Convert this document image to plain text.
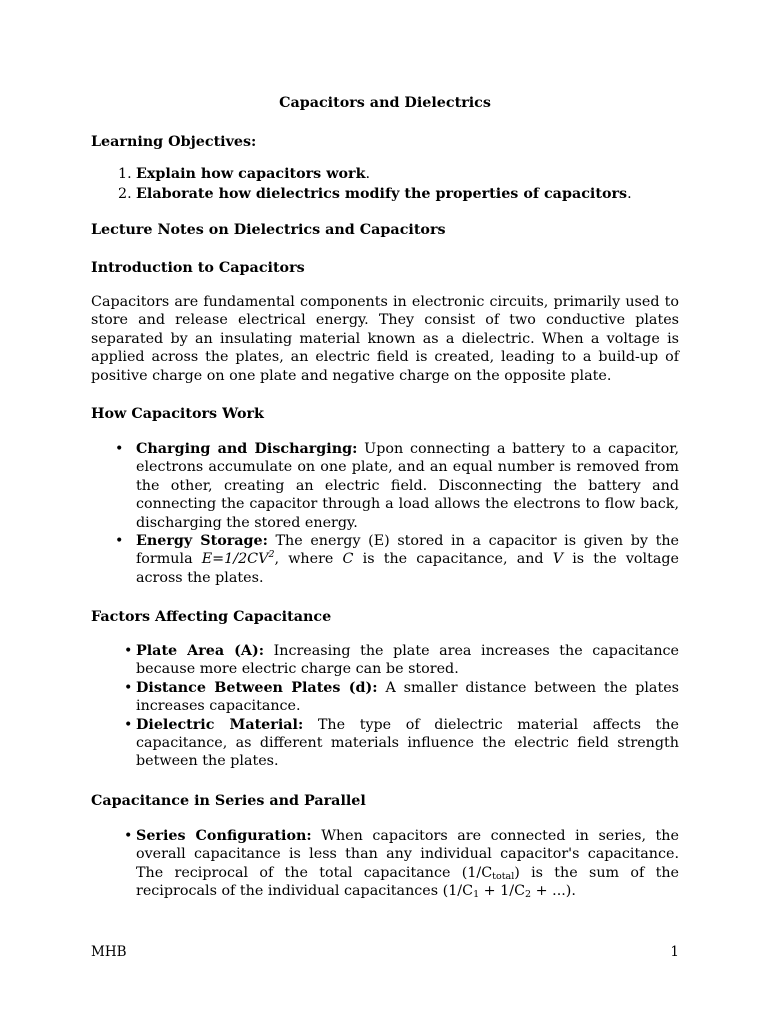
Capacitors and Dielectrics
Learning Objectives:
1. Explain how capacitors work.
2. Elaborate how dielectrics modify the properties of capacitors.
Lecture Notes on Dielectrics and Capacitors
Introduction to Capacitors
Capacitors are fundamental components in electronic circuits, primarily used to store and release electrical energy. They consist of two conductive plates separated by an insulating material known as a dielectric. When a voltage is applied across the plates, an electric field is created, leading to a build-up of positive charge on one plate and negative charge on the opposite plate.
How Capacitors Work
• Charging and Discharging: Upon connecting a battery to a capacitor, electrons accumulate on one plate, and an equal number is removed from the other, creating an electric field. Disconnecting the battery and connecting the capacitor through a load allows the electrons to flow back, discharging the stored energy.
• Energy Storage: The energy (E) stored in a capacitor is given by the formula $E=1/2CV^2$, where C is the capacitance, and V is the voltage across the plates.
Factors Affecting Capacitance
• Plate Area (A): Increasing the plate area increases the capacitance because more electric charge can be stored.
• Distance Between Plates (d): A smaller distance between the plates increases capacitance.
• Dielectric Material: The type of dielectric material affects the capacitance, as different materials influence the electric field strength between the plates.
Capacitance in Series and Parallel
• Series Configuration: When capacitors are connected in series, the overall capacitance is less than any individual capacitor's capacitance. The reciprocal of the total capacitance $(1/C_{total})$ is the sum of the reciprocals of the individual capacitances ($1/C_1 + 1/C_2$ + ...).
MHB	1
